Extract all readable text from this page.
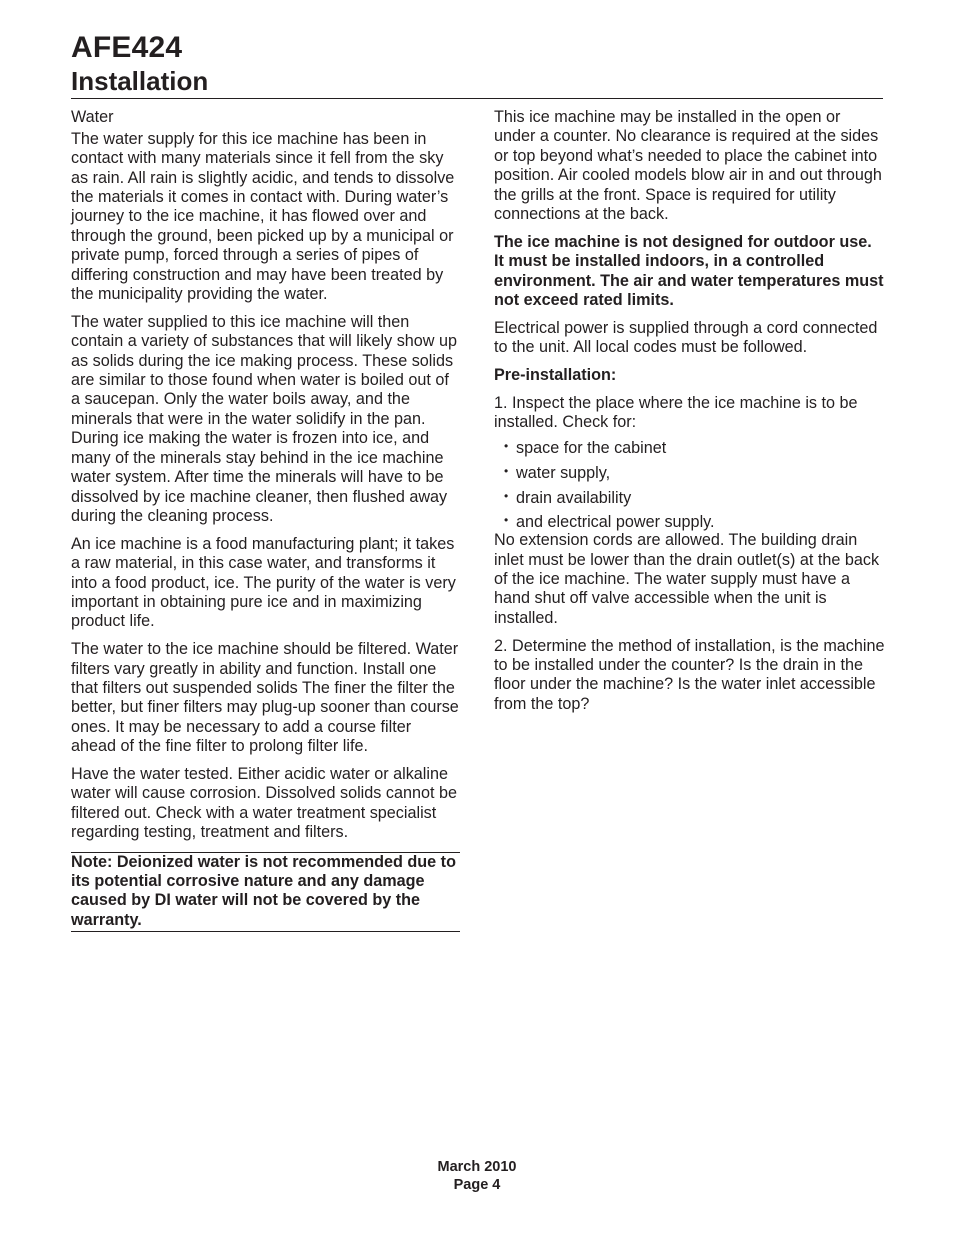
AFE424
Installation

Water

The water supply for this ice machine has been in contact with many materials since it fell from the sky as rain. All rain is slightly acidic, and tends to dissolve the materials it comes in contact with. During water’s journey to the ice machine, it has flowed over and through the ground, been picked up by a municipal or private pump, forced through a series of pipes of differing construction and may have been treated by the municipality providing the water.

The water supplied to this ice machine will then contain a variety of substances that will likely show up as solids during the ice making process. These solids are similar to those found when water is boiled out of a saucepan. Only the water boils away, and the minerals that were in the water solidify in the pan. During ice making the water is frozen into ice, and many of the minerals stay behind in the ice machine water system. After time the minerals will have to be dissolved by ice machine cleaner, then flushed away during the cleaning process.

An ice machine is a food manufacturing plant; it takes a raw material, in this case water, and transforms it into a food product, ice. The purity of the water is very important in obtaining pure ice and in maximizing product life.

The water to the ice machine should be filtered. Water filters vary greatly in ability and function. Install one that filters out suspended solids The finer the filter the better, but finer filters may plug-up sooner than course ones. It may be necessary to add a course filter ahead of the fine filter to prolong filter life.

Have the water tested. Either acidic water or alkaline water will cause corrosion. Dissolved solids cannot be filtered out. Check with a water treatment specialist regarding testing, treatment and filters.

Note: Deionized water is not recommended due to its potential corrosive nature and any damage caused by DI water will not be covered by the warranty.

This ice machine may be installed in the open or under a counter. No clearance is required at the sides or top beyond what’s needed to place the cabinet into position. Air cooled models blow air in and out through the grills at the front. Space is required for utility connections at the back.

The ice machine is not designed for outdoor use. It must be installed indoors, in a controlled environment. The air and water temperatures must not exceed rated limits.

Electrical power is supplied through a cord connected to the unit. All local codes must be followed.

Pre-installation:

1. Inspect the place where the ice machine is to be installed. Check for:

• space for the cabinet
• water supply,
• drain availability
• and electrical power supply.

No extension cords are allowed. The building drain inlet must be lower than the drain outlet(s) at the back of the ice machine. The water supply must have a hand shut off valve accessible when the unit is installed.

2. Determine the method of installation, is the machine to be installed under the counter? Is the drain in the floor under the machine? Is the water inlet accessible from the top?

March 2010
Page 4
